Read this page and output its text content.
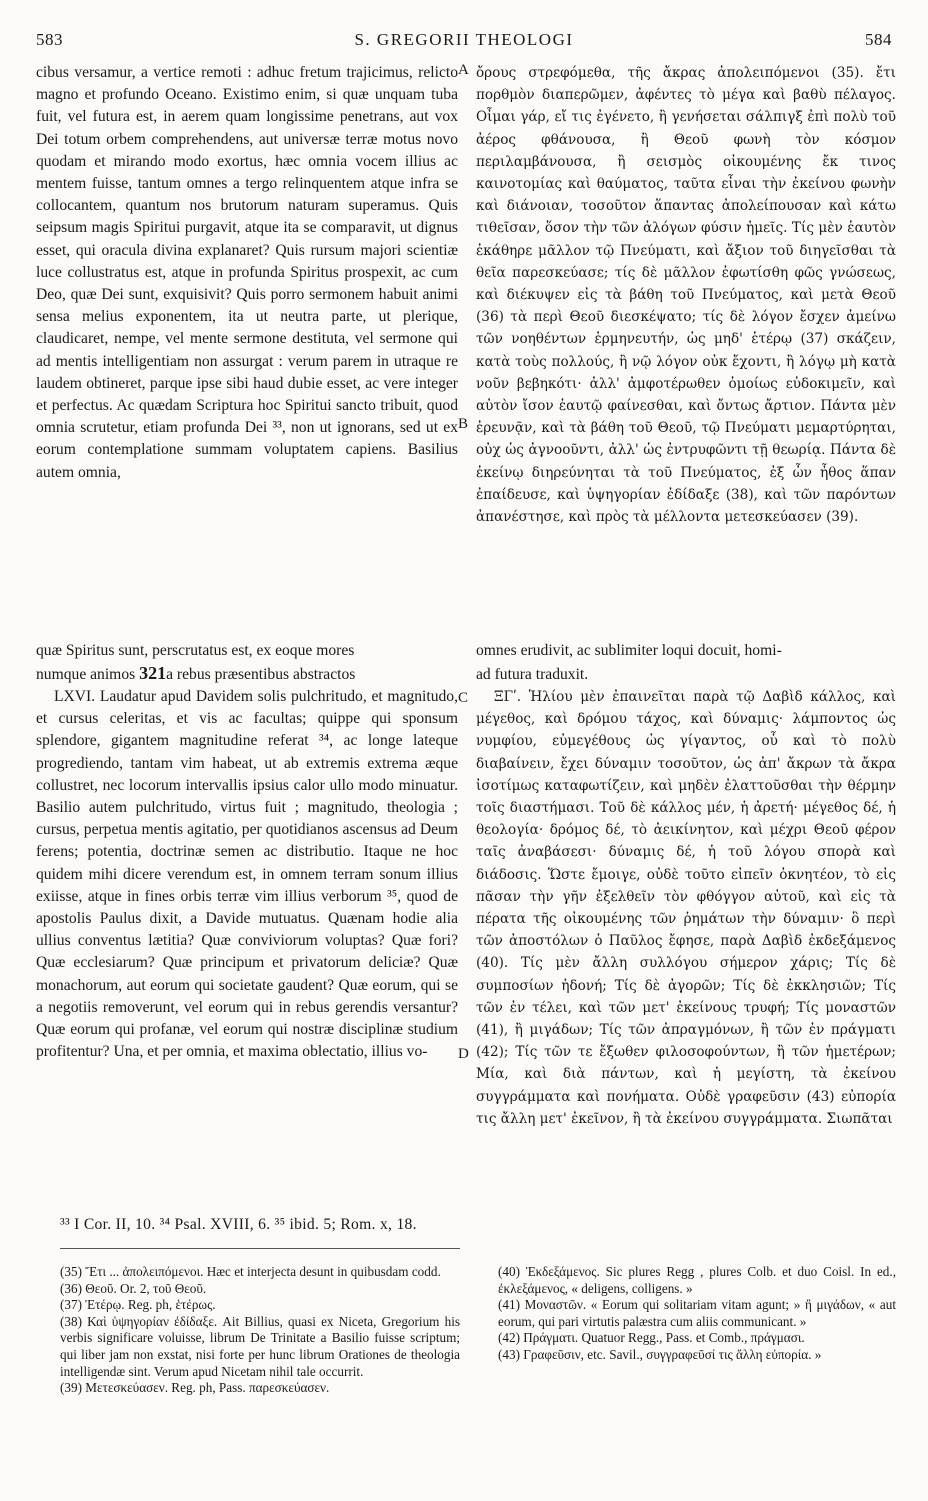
583	S. GREGORII THEOLOGI	584

cibus versamur, a vertice remoti : adhuc fretum trajicimus, relicto magno et profundo Oceano. Existimo enim, si quæ unquam tuba fuit, vel futura est, in aerem quam longissime penetrans, aut vox Dei totum orbem comprehendens, aut universæ terræ motus novo quodam et mirando modo exortus, hæc omnia vocem illius ac mentem fuisse, tantum omnes a tergo relinquentem atque infra se collocantem, quantum nos brutorum naturam superamus. Quis seipsum magis Spiritui purgavit, atque ita se comparavit, ut dignus esset, qui oracula divina explanaret? Quis rursum majori scientiæ luce collustratus est, atque in profunda Spiritus prospexit, ac cum Deo, quæ Dei sunt, exquisivit? Quis porro sermonem habuit animi sensa melius exponentem, ita ut neutra parte, ut plerique, claudicaret, nempe, vel mente sermone destituta, vel sermone qui ad mentis intelligentiam non assurgat : verum parem in utraque re laudem obtineret, parque ipse sibi haud dubie esset, ac vere integer et perfectus. Ac quædam Scriptura hoc Spiritui sancto tribuit, quod omnia scrutetur, etiam profunda Dei ³³, non ut ignorans, sed ut ex eorum contemplatione summam voluptatem capiens. Basilius autem omnia,

A ὄρους στρεφόμεθα, τῆς ἄκρας ἀπολειπόμενοι (35). ἔτι πορθμὸν διαπερῶμεν, ἀφέντες τὸ μέγα καὶ βαθὺ πέλαγος. Οἶμαι γάρ, εἴ τις ἐγένετο, ἢ γενήσεται σάλπιγξ ἐπὶ πολὺ τοῦ ἀέρος φθάνουσα, ἢ Θεοῦ φωνὴ τὸν κόσμον περιλαμβάνουσα, ἢ σεισμὸς οἰκουμένης ἔκ τινος καινοτομίας καὶ θαύματος, ταῦτα εἶναι τὴν ἐκείνου φωνὴν καὶ διάνοιαν, τοσοῦτον ἅπαντας ἀπολείπουσαν καὶ κάτω τιθεῖσαν, ὅσον τὴν τῶν ἀλόγων φύσιν ἡμεῖς. Τίς μὲν ἑαυτὸν ἐκάθηρε μᾶλλον τῷ Πνεύματι, καὶ ἄξιον τοῦ διηγεῖσθαι τὰ θεῖα παρεσκεύασε; τίς δὲ μᾶλλον ἐφωτίσθη φῶς γνώσεως, καὶ διέκυψεν εἰς τὰ βάθη τοῦ Πνεύματος, καὶ μετὰ Θεοῦ (36) τὰ περὶ Θεοῦ διεσκέψατο; τίς δὲ λόγον ἔσχεν ἀμείνω τῶν νοηθέντων ἑρμηνευτήν, ὡς μηδ' ἑτέρῳ (37) σκάζειν, κατὰ τοὺς πολλούς, ἢ νῷ λόγον οὐκ ἔχοντι, ἢ λόγῳ μὴ κατὰ νοῦν βεβηκότι· ἀλλ' ἀμφοτέρωθεν ὁμοίως εὐδοκιμεῖν, καὶ αὐτὸν ἴσον ἑαυτῷ φαίνεσθαι, καὶ ὄντως ἄρτιον. Πάντα μὲν ἐρευνᾷν, καὶ τὰ βάθη τοῦ Θεοῦ, τῷ Πνεύματι μεμαρτύρηται, οὐχ ὡς ἀγνοοῦντι, ἀλλ' ὡς ἐντρυφῶντι τῇ θεωρίᾳ. Πάντα δὲ ἐκείνῳ διηρεύνηται τὰ τοῦ Πνεύματος, ἐξ ὧν ἦθος ἅπαν ἐπαίδευσε, καὶ ὑψηγορίαν ἐδίδαξε (38), καὶ τῶν παρόντων ἀπανέστησε, καὶ πρὸς τὰ μέλλοντα μετεσκεύασεν (39).

B
quæ Spiritus sunt, perscrutatus est, ex eoque mores	omnes erudivit, ac sublimiter loqui docuit, homi-
numque animos 321a rebus præsentibus abstractos	ad futura traduxit.

LXVI. Laudatur apud Davidem solis pulchritudo, et magnitudo, et cursus celeritas, et vis ac facultas; quippe qui sponsum splendore, gigantem magnitudine referat ³⁴, ac longe lateque progrediendo, tantam vim habeat, ut ab extremis extrema æque collustret, nec locorum intervallis ipsius calor ullo modo minuatur. Basilio autem pulchritudo, virtus fuit ; magnitudo, theologia ; cursus, perpetua mentis agitatio, per quotidianos ascensus ad Deum ferens; potentia, doctrinæ semen ac distributio. Itaque ne hoc quidem mihi dicere verendum est, in omnem terram sonum illius exiisse, atque in fines orbis terræ vim illius verborum ³⁵, quod de apostolis Paulus dixit, a Davide mutuatus. Quænam hodie alia ullius conventus lætitia? Quæ conviviorum voluptas? Quæ fori? Quæ ecclesiarum? Quæ principum et privatorum deliciæ? Quæ monachorum, aut eorum qui societate gaudent? Quæ eorum, qui se a negotiis removerunt, vel eorum qui in rebus gerendis versantur? Quæ eorum qui profanæ, vel eorum qui nostræ disciplinæ studium profitentur? Una, et per omnia, et maxima oblectatio, illius vo-

C
D

ΞΓʹ. Ἡλίου μὲν ἐπαινεῖται παρὰ τῷ Δαβὶδ κάλλος, καὶ μέγεθος, καὶ δρόμου τάχος, καὶ δύναμις· λάμποντος ὡς νυμφίου, εὐμεγέθους ὡς γίγαντος, οὗ καὶ τὸ πολὺ διαβαίνειν, ἔχει δύναμιν τοσοῦτον, ὡς ἀπ' ἄκρων τὰ ἄκρα ἰσοτίμως καταφωτίζειν, καὶ μηδὲν ἐλαττοῦσθαι τὴν θέρμην τοῖς διαστήμασι. Τοῦ δὲ κάλλος μέν, ἡ ἀρετή· μέγεθος δέ, ἡ θεολογία· δρόμος δέ, τὸ ἀεικίνητον, καὶ μέχρι Θεοῦ φέρον ταῖς ἀναβάσεσι· δύναμις δέ, ἡ τοῦ λόγου σπορὰ καὶ διάδοσις. Ὥστε ἔμοιγε, οὐδὲ τοῦτο εἰπεῖν ὀκνητέον, τὸ εἰς πᾶσαν τὴν γῆν ἐξελθεῖν τὸν φθόγγον αὐτοῦ, καὶ εἰς τὰ πέρατα τῆς οἰκουμένης τῶν ῥημάτων τὴν δύναμιν· ὃ περὶ τῶν ἀποστόλων ὁ Παῦλος ἔφησε, παρὰ Δαβὶδ ἐκδεξάμενος (40). Τίς μὲν ἄλλη συλλόγου σήμερον χάρις; Τίς δὲ συμποσίων ἡδονή; Τίς δὲ ἀγορῶν; Τίς δὲ ἐκκλησιῶν; Τίς τῶν ἐν τέλει, καὶ τῶν μετ' ἐκείνους τρυφή; Τίς μοναστῶν (41), ἢ μιγάδων; Τίς τῶν ἀπραγμόνων, ἢ τῶν ἐν πράγματι (42); Τίς τῶν τε ἔξωθεν φιλοσοφούντων, ἢ τῶν ἡμετέρων; Μία, καὶ διὰ πάντων, καὶ ἡ μεγίστη, τὰ ἐκείνου συγγράμματα καὶ πονήματα. Οὐδὲ γραφεῦσιν (43) εὐπορία τις ἄλλη μετ' ἐκεῖνον, ἢ τὰ ἐκείνου συγγράμματα. Σιωπᾶται

³³ I Cor. II, 10. ³⁴ Psal. XVIII, 6. ³⁵ ibid. 5; Rom. x, 18.

(35) Ἔτι ... ἀπολειπόμενοι. Hæc et interjecta desunt in quibusdam codd.

(36) Θεοῦ. Or. 2, τοῦ Θεοῦ.

(37) Ἑτέρῳ. Reg. ph, ἑτέρως.

(38) Καὶ ὑψηγορίαν ἐδίδαξε. Ait Billius, quasi ex Niceta, Gregorium his verbis significare voluisse, librum De Trinitate a Basilio fuisse scriptum; qui liber jam non exstat, nisi forte per hunc librum Orationes de theologia intelligendæ sint. Verum apud Nicetam nihil tale occurrit.

(39) Μετεσκεύασεν. Reg. ph, Pass. παρεσκεύασεν.

(40) Ἐκδεξάμενος. Sic plures Regg , plures Colb. et duo Coisl. In ed., ἐκλεξάμενος, « deligens, colligens. »

(41) Μοναστῶν. « Eorum qui solitariam vitam agunt; » ἢ μιγάδων, « aut eorum, qui pari virtutis palæstra cum aliis communicant. »

(42) Πράγματι. Quatuor Regg., Pass. et Comb., πράγμασι.

(43) Γραφεῦσιν, etc. Savil., συγγραφεῦσί τις ἄλλη εὐπορία. »
